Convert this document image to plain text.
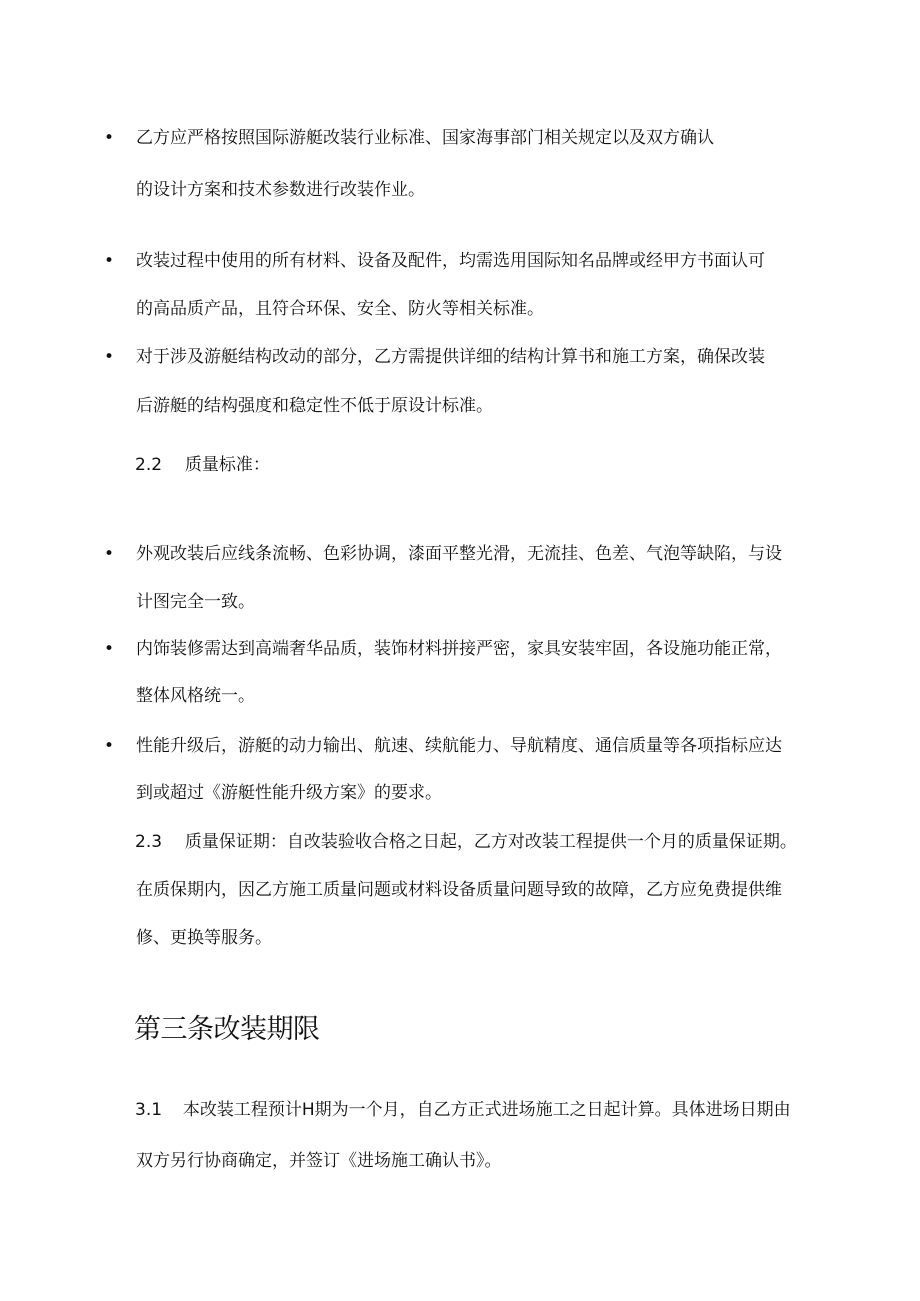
• 乙方应严格按照国际游艇改装行业标准、国家海事部门相关规定以及双方确认
的设计方案和技术参数进行改装作业。
• 改装过程中使用的所有材料、设备及配件，均需选用国际知名品牌或经甲方书面认可
的高品质产品，且符合环保、安全、防火等相关标准。
• 对于涉及游艇结构改动的部分，乙方需提供详细的结构计算书和施工方案，确保改装
后游艇的结构强度和稳定性不低于原设计标准。
2.2 质量标准：
• 外观改装后应线条流畅、色彩协调，漆面平整光滑，无流挂、色差、气泡等缺陷，与设
计图完全一致。
• 内饰装修需达到高端奢华品质，装饰材料拼接严密，家具安装牢固，各设施功能正常，
整体风格统一。
• 性能升级后，游艇的动力输出、航速、续航能力、导航精度、通信质量等各项指标应达
到或超过《游艇性能升级方案》的要求。
2.3 质量保证期：自改装验收合格之日起，乙方对改装工程提供一个月的质量保证期。
在质保期内，因乙方施工质量问题或材料设备质量问题导致的故障，乙方应免费提供维
修、更换等服务。
第三条改装期限
3.1 本改装工程预计H期为一个月，自乙方正式进场施工之日起计算。具体进场日期由
双方另行协商确定，并签订《进场施工确认书》。
